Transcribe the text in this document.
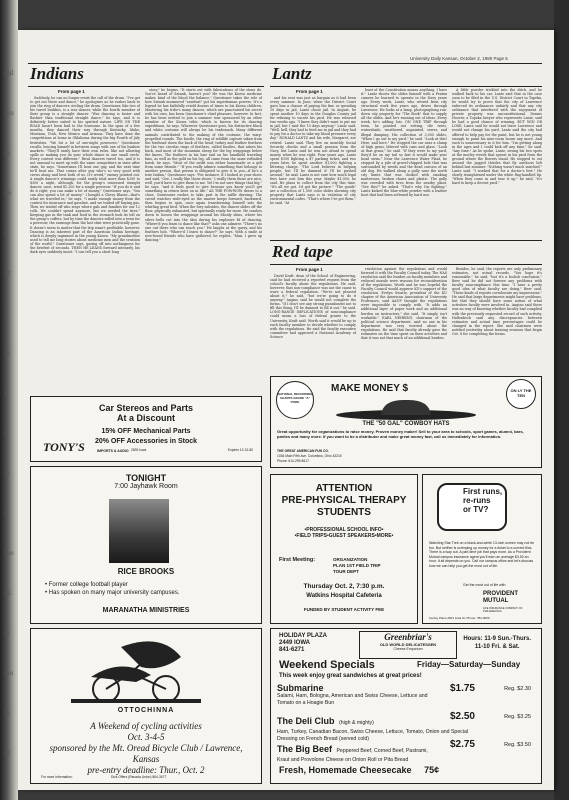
pul
ten
es
ne
d
ur
5
tp
F
d
io
e
the
ns
ei
me
th
er
University Daily Kansan, October 2, 1980 Page 5
Indians
From page 1

Suddenly, he can no longer resist the call of the drum. "I've got to get out there and dance," he apologizes as he rushes back to join the ring of dancers circling the drum. Questioner, like two of his travel buddies, is a war dancer, while the fourth member of their group is a straight dancer. "War dancing is faster and flashier than traditional straight dance," he says, and it is definitely better suited to his spirited nature. LIFE ON THE ROAD hasn't been bad to the foursome. In the span of a few months, they danced their way through Kentucky, Idaho, Montana, Utah, New Mexico and Arizona. They have done the competitions at home in Oklahoma during the big Fourth of July festivities. "We hit a lot of one-night powwows," Questioner recalls, bracing himself in between songs with one of his bushier markets. "They'll easily have their own rules, like not allowing spills or making you do your whole dance in one small circle. Every contest was different." Rival dancers travel too, and it is not unusual to meet up with the same competitors in state after state, he says. "Sometimes I'll beat one guy, and the next time he'll beat me. That comes after guy who's so very good with crows along and best both of us. It's weird," enemy pointed out. A single dancer's winnings could easily total more than $200 to $300 a night, although, for the group's renowned straight dancer, once, wind $1,200 for a single powwow. "If you do it and do it right, you can make a lot of money," Questioner says. "You can also spend a lot of money." I bought a Chevy Blazer—that's what we traveled in," he says. "I made enough money from the contest for insurance and gasoline, and we traded off buying gas. Then we traded off who stays where gals and families for our 12 rolls. We couldn't spend anymore, but we needed the tires." Keeping gas in the tank and food in the stomach took its toll on the group's coffers, but by time the dancers rolled into a town for a powwow, the earnings from the last stint were practically gone. It doesn't seem to matter that the trip wasn't profitable, however. Dancing is an inherent part of the American Indian heritage, which is deeply ingrained in the young Kiowa. "My grandmother used to tell me long stories about medicine men and the creation of the world," Questioner says, gazing off into nothingness for the briefest of seconds. THEN HE LEANS forward intensely, his dark eyes suddenly moist. "I can tell you a short long

story," he begins. "It starts out with fabrications of the stone do. You've heard of Satank, haven't you? He was the Kiowa medicine maker, kind of the blood the balance." Questioner takes the role of how Satank murmured "sawdust" got his superhuman powers. It's a legend he has faithfully retold dozens of times to his Kiowa children. Mastering his tribe's many dances, which are punctuated his secret with his own, has been Questioner's chief pleasure, however. In fact, he has been invited to join a summer tour sponsored by an other member of the Kiowa tribe, which is known for its dancing expeditions, he says. Wherever Questioner goes, his distinctive black and white costume will always be his trademark. Many different animals contributed to the making of the costume, the warp-propelled rounds. The bustle, the ring of wildlife capture taken from the forehead down the back of the head; turkey and feather feathers for the two circular rings of feathers, called bustles, that adorn his back, and most of the mountain sheep for the leg wrappings below the knees. The feathers in his hair and on his handheld traveling fans, as well as the gold on his leg, all came from the same redtailed hawk, he says. "Most of the outfit was either homemade or a gift from some friends." "If you really admire something that belongs to another person, that person is obligated to give it to you—if he's a true Indian," Questioner says. "For instance, if I looked at your shoes and said, 'Gee, I really like those shoes,' I really them those are nice, well, you'd have to give them to me. Yet I'm not sure things that big," he says, "and it feels good to give because you know you'll get something in return later on in life." AS THE POW-WOW draws to a close, Questioner rushes to take part in the raffle drawing. The crowd watches wide-eyed as the master keeps forward, backward, then begins to spin, once again transforming himself into the whirling great bird. When the fury subsides, the dancer slides off the floor, physically exhausted, but spiritually ready for more. He crashes down to loosen the wrappings around his bloody shins, where his silver bells cut into the skin during his explosive fit of dancing. "Where'd you learn to dance like that?" asks one admirer. "There's no one out there who can touch you." He laughs at the query, and his feathers bob. "Where'd I learn to dance?" he says. With a smile at new-found friends who have gathered, he replies, "Man, I grew up dancing."

Lantz
From page 1

and his rent was just as bargain as it had been every summer. In June, when the District Court gave him a chance of paying the fine or spending 10 days in jail, Lantz chose jail. In August, he spent another 10 days in the Douglas County jail for refusing to vacate his yard. He was released two weeks ago. "I knew they didn't want to put me in jail, but I said the 10 days anyway," Lantz said. "Well, hell, they had to feed me in jail and they had to pay for a doctor to take my blood pressure every day." RONALD LANTZ and his wife, Margaret, are retired. Lantz said. They live on monthly Social Security checks and a small pension from the Navy, but Lantz said he was not afraid to spend money when he was right. Four years ago, Lantz spent $100 fighting a $7 parking ticket, and two years later, he spent another $1,000 fighting a littering charge. "The Lord believes in helping people, but I'll be damned if I'll be pushed around," he said. Lantz is not sure how much legal fees have cost him this year. Maybe $1,000, he said. He plans to collect from the city this time. "It's all we got. I'd got the picture." "The goods" are a collection of 1,500 color slides showing city property that Lantz says is in violation of city environmental codes. "That's where I've got them," he said. "At

least of the Constitution means anything, I have it." Lantz shoots the slides himself with a Pentax camera he learned to operate in the Navy years ago. Every week, Lantz, who retired from city structural work five years ago, drives through Lawrence. He looks at a lamp, photographing run-down city property for "The Book" that to supply all the slides. And he's running out of ideas. Every week, he's adding lots. ON ONE TRIP through town, he pointed out rotting, tile trees, watershade, weathered, unpainted, sewer, and illegal dumping. His collection of 3,000 slides, "When I go out to my yard," he said. "Look at this! Here, and here." He stopped the car near a clump of high grass, littered with cans and glass. "Look at that grass," he said. "If they were to my yard, they'd be on my tail so fast it would make your head swim." Near the Lawrence Water Plant, he stopped by a pile of gravel-chipped hole that was surrounded by weeds and the dead carcass of an old dog. He walked along a gully near the north city limits that was choked with smoking mattresses, broken chairs and plastic. The gully was crowded with tires from the nearby plant. "See this?" he asked. "That's why I'm fighting." Lantz kicked the blue-white powder with a leather boot that had been softened by hard use.

A little powder trickled into the ditch, and he walked back to his car. Lantz said that in the case soon to be filed in the U.S. District Court in Topeka, he would try to prove that the city of Lawrence enforced its ordinances unfairly and that any city ordinance that interfered with the enjoyment of private property was unconstitutional. Dennis Hoover, a Topeka lawyer who represents Lantz, said he had a good chance of winning. BUT WIN OR LOSE, Lantz said he would not leave Lawrence and would not change his yard. Lantz said the city had offered to help pay for the paint, but he is not young enough to paint his nine-room house any more. And each is unnecessary to it for him. "I'm getting along in the ages and I could kick off any time," he said. "Any time." As he spoke, Lantz, swung his two spots at the motley weeds that sprout in his yard from the ground where the flowers stand. He stopped to cut around the jagged thistles that fly outdoors left behind last summer. "Nothing wasn't much mischief," Lantz said. "I worked that for a doctor's feet." He slowly straightened under the white flag-handled lip. "When they come in and tear it up," he said, "it's hard to keep a decent yard."

Red tape
From page 1

David Kraft, dean of the School of Engineering, said he had received a reported request from the school's faculty about the regulations. He said, however, that non-compliance was not the cause to wave a federal regulation. "We're not pleased about it," he said, "but we're going to do it anyway." Angino said he would not complete the forms. "If I don't see any strong punishment not to fill this thing, I'll be damned to fill it out," he said. LONG-RANGE IMPLICATIONS of noncompliance could mean a loss of federal grants to the University, Kraft said. Worth said it would be up to each faculty member to decide whether to comply with the regulations. He said the faculty executive committee had approved a National Academy of Science

resolution against the regulations and would forward it with the Faculty Council today. The NAS resolution said the burden on faculty members and reduced morale were reasons for reconsideration of the regulations. Worth and he was hopeful the Faculty Council would approve KU's support of the resolution. Evelyn Swartz, president of the KU chapter of the American Association of University Professors, said AAUP thought the regulations were impossible to comply with. "It adds an additional layer of paper work and an additional burden on instructors," she said. "It simply isn't workable." EARL NEHRING, chairman of the political science department, said no one in his department was very worried about the regulations. He said that faculty already gave the estimates on the time spent on their activities and that it was not that much of an additional burden.

Besides, he said, the reports are only preliminary estimates, not actual records. "You hope it's reasonable," he said, "but it's a foolish conclusion." Beer said he did not foresee any problems with faculty noncompliance this time. "I have a pretty good idea of what faculty are doing," Beer said. "These kinds of reports corroborate my impressions." He said that large departments might have problems, but that they should have some notion of what activities faculty were involved in. Angino said there was no way of knowing whether faculty had complied with the previously requested record of such activity. Hallenbeck said any discrepancies between estimates and actual time percentages could be changed in the report. She said chairmen were notified yesterday about training sessions that begin Oct. 8 for completing the forms.

Car Stereos and Parts
At a Discount
15% OFF Mechanical Parts
20% OFF Accessories in Stock
TONY'S	IMPORTS & AUDIO 2839 Iowa	Expires 12-31-80
TONIGHT
7:00 Jayhawk Room
RICE BROOKS
• Former college football player
• Has spoken on many major university campuses.
MARANATHA MINISTRIES
OTTOCHINNA
A Weekend of cycling activities
Oct. 3-4-5
sponsored by the Mt. Oread Bicycle Club / Lawrence, Kansas
pre-entry deadline: Thur., Oct. 2
For more information:	Dick Offers (Ranada Union) 864-3477
MAKE MONEY $
NATIONAL RECORDING CHARTS GRADE "A" PORK
ON LY THE TEN
THE "50 GAL" COWBOY HATS
Great opportunity for organizations to raise money. Proven money maker! Sell to your area to schools, sport games, alumni, bars, parties and many more. If you want to be a distributor and make great money fast, call us immediately for information.
THE GREAT AMERICAN FUN CO.
1036 Main Fifth Ave. Columbus, Ohio 43215
Phone: 614-299-5617
ATTENTION
PRE-PHYSICAL THERAPY
STUDENTS
•PROFESSIONAL SCHOOL INFO•
•FIELD TRIPS•GUEST SPEAKERS•MORE•
First Meeting:	ORGANIZATION
PLAN 1ST FIELD TRIP
TOUR DEPT
Thursday Oct. 2, 7:30 p.m.
Watkins Hospital Cafeteria
FUNDED BY STUDENT ACTIVITY FEE
First runs,
re-runs
or TV?
Watching Star Trek on a black-and-white 13-inch screen may not be fun. But neither is scrimping up money for a ticket to a current flick. There is a way out. A part-time job that pays more. As a Provident Mutual campus insurance agent you'll earn an average $3.50 an hour. It all depends on you. Call our campus office and let's discuss how we can help you get the most out of life.
Get the most out of life with
PROVIDENT MUTUAL
LIFE INSURANCE COMPANY OF PHILADELPHIA
Kenley Place 2601 Iowa St. Phone: 782-0000
HOLIDAY PLAZA
2449 IOWA
841-6271
Greenbriar's
OLD WORLD DELICATESSEN
Cheese Emporium
Hours: 11-9 Sun.-Thurs.
11-10 Fri. & Sat.
Weekend Specials	Friday—Saturday—Sunday
This week enjoy great sandwiches at great prices!
Submarine	$1.75	Reg. $2.30
Salami, Ham, Bologna, American and Swiss Cheese, Lettuce and Tomato on a Hoagie Bun
The Deli Club (high & mighty)
$2.50	Reg. $3.25
Ham, Turkey, Canadian Bacon, Swiss Cheese, Lettuce, Tomato, Onion and Special Dressing on French Bread (served cold)
The Big Beef Peppered Beef, Corned Beef, Pastrami,
$2.75	Reg. $3.50
Kraut and Provolone Cheese on Onion Roll or Pita Bread
Fresh, Homemade Cheesecake 75¢
